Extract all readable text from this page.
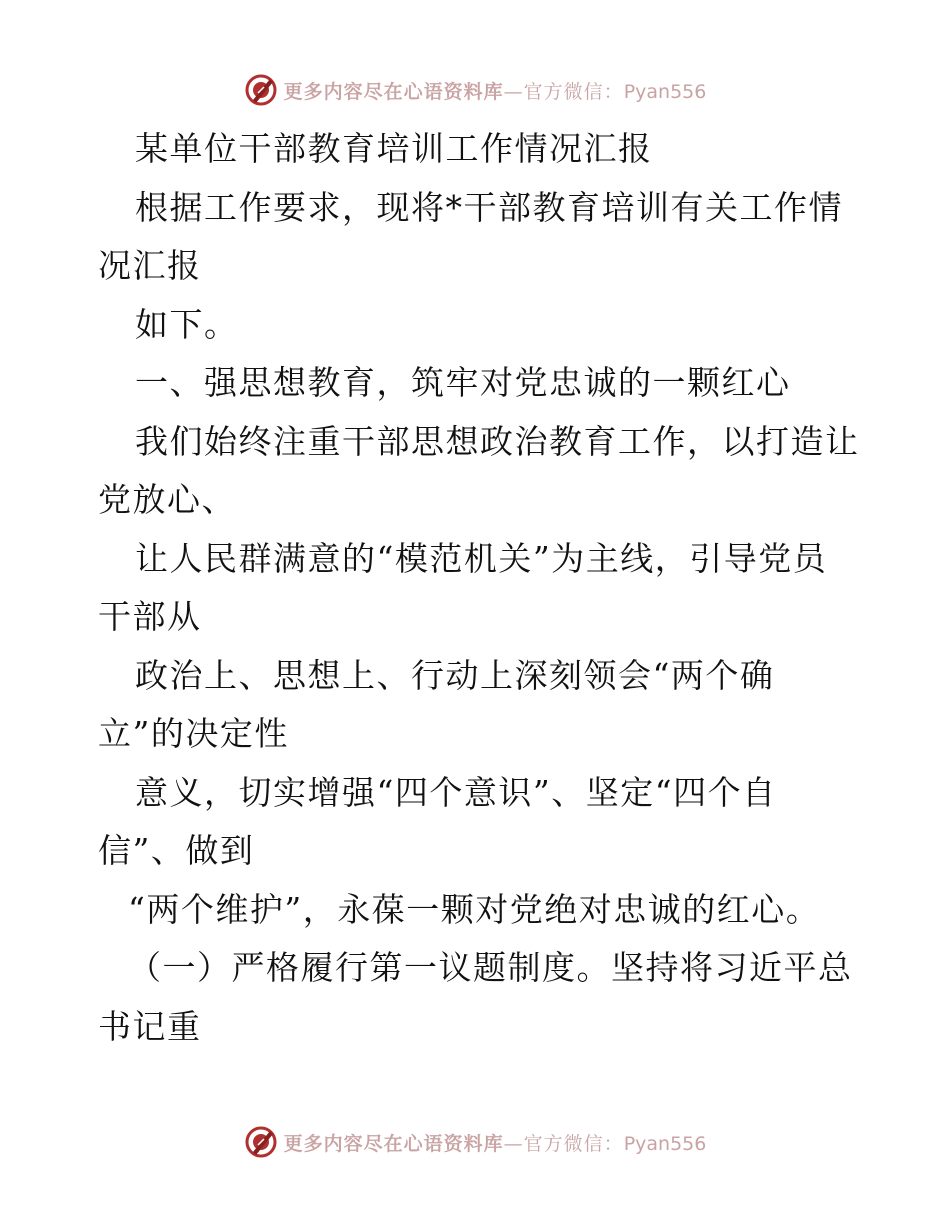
更多内容尽在心语资料库—官方微信：Pyan556
某单位干部教育培训工作情况汇报
根据工作要求，现将*干部教育培训有关工作情
况汇报
如下。
一、强思想教育，筑牢对党忠诚的一颗红心
我们始终注重干部思想政治教育工作，以打造让
党放心、
让人民群满意的“模范机关”为主线，引导党员
干部从
政治上、思想上、行动上深刻领会“两个确
立”的决定性
意义，切实增强“四个意识”、坚定“四个自
信”、做到
“两个维护”，永葆一颗对党绝对忠诚的红心。
（一）严格履行第一议题制度。坚持将习近平总
书记重
更多内容尽在心语资料库—官方微信：Pyan556
